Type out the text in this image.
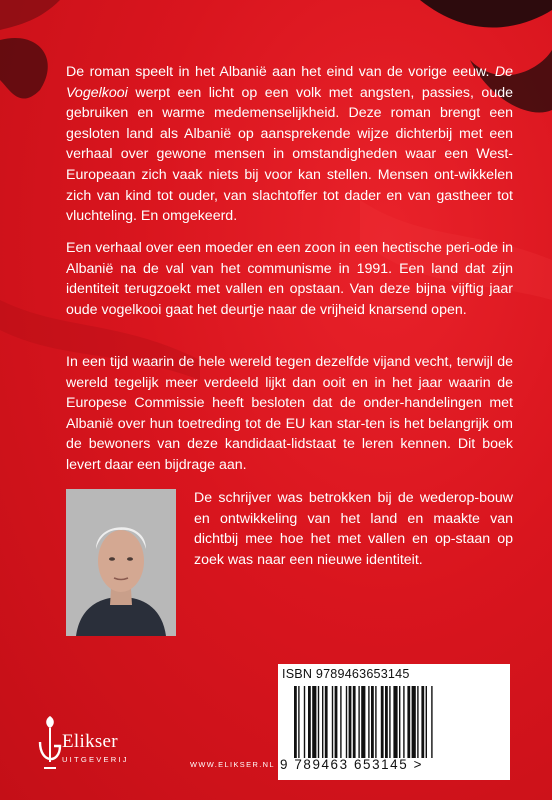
De roman speelt in het Albanië aan het eind van de vorige eeuw. De Vogelkooi werpt een licht op een volk met angsten, passies, oude gebruiken en warme medemenselijkheid. Deze roman brengt een gesloten land als Albanië op aansprekende wijze dichterbij met een verhaal over gewone mensen in omstandigheden waar een West-Europeaan zich vaak niets bij voor kan stellen. Mensen ont-wikkelen zich van kind tot ouder, van slachtoffer tot dader en van gastheer tot vluchteling. En omgekeerd.

Een verhaal over een moeder en een zoon in een hectische peri-ode in Albanië na de val van het communisme in 1991. Een land dat zijn identiteit terugzoekt met vallen en opstaan. Van deze bijna vijftig jaar oude vogelkooi gaat het deurtje naar de vrijheid knarsend open.

In een tijd waarin de hele wereld tegen dezelfde vijand vecht, terwijl de wereld tegelijk meer verdeeld lijkt dan ooit en in het jaar waarin de Europese Commissie heeft besloten dat de onder-handelingen met Albanië over hun toetreding tot de EU kan star-ten is het belangrijk om de bewoners van deze kandidaat-lidstaat te leren kennen. Dit boek levert daar een bijdrage aan.

De schrijver was betrokken bij de wederop-bouw en ontwikkeling van het land en maakte van dichtbij mee hoe het met vallen en op-staan op zoek was naar een nieuwe identiteit.

Elikser
UITGEVERIJ
WWW.ELIKSER.NL
ISBN 9789463653145
9 789463 653145 >
